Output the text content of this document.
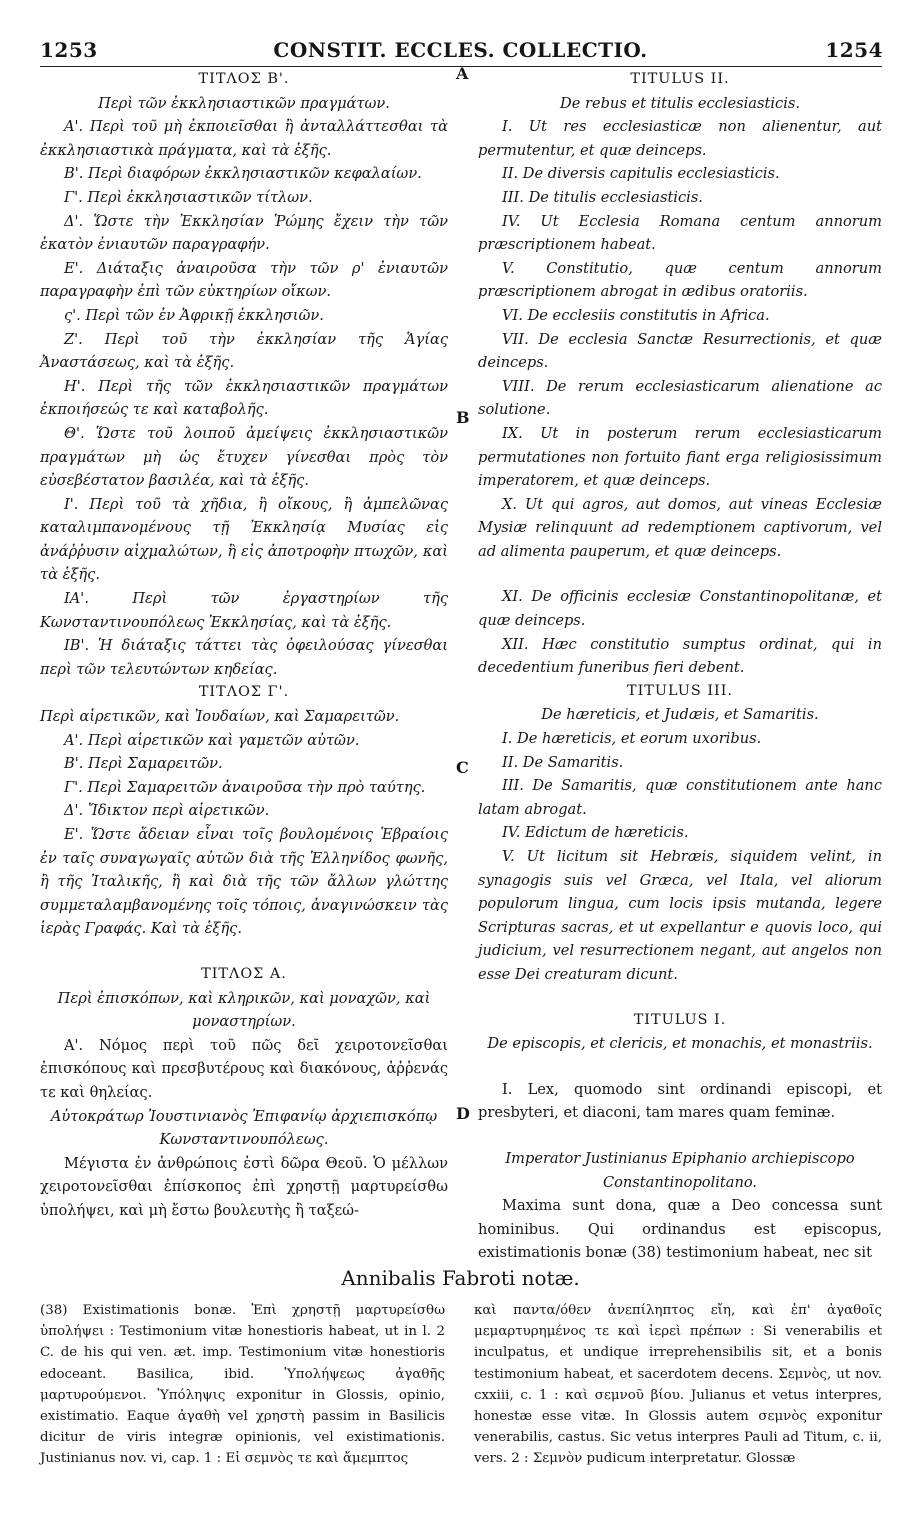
1253	CONSTIT. ECCLES. COLLECTIO.	1254
A
B
C
D

ΤΙΤΛΟΣ Β'.

Περὶ τῶν ἐκκλησιαστικῶν πραγμάτων.

Α'. Περὶ τοῦ μὴ ἐκποιεῖσθαι ἢ ἀνταλλάττεσθαι τὰ ἐκκλησιαστικὰ πράγματα, καὶ τὰ ἑξῆς.

Β'. Περὶ διαφόρων ἐκκλησιαστικῶν κεφαλαίων.

Γ'. Περὶ ἐκκλησιαστικῶν τίτλων.

Δ'. Ὥστε τὴν Ἐκκλησίαν Ῥώμης ἔχειν τὴν τῶν ἑκατὸν ἐνιαυτῶν παραγραφήν.

Ε'. Διάταξις ἀναιροῦσα τὴν τῶν ρ' ἐνιαυτῶν παραγραφὴν ἐπὶ τῶν εὐκτηρίων οἴκων.

ς'. Περὶ τῶν ἐν Ἀφρικῇ ἐκκλησιῶν.

Ζ'. Περὶ τοῦ τὴν ἐκκλησίαν τῆς Ἁγίας Ἀναστάσεως, καὶ τὰ ἑξῆς.

Η'. Περὶ τῆς τῶν ἐκκλησιαστικῶν πραγμάτων ἐκποιήσεώς τε καὶ καταβολῆς.

Θ'. Ὥστε τοῦ λοιποῦ ἀμείψεις ἐκκλησιαστικῶν πραγμάτων μὴ ὡς ἔτυχεν γίνεσθαι πρὸς τὸν εὐσεβέστατον βασιλέα, καὶ τὰ ἑξῆς.

Ι'. Περὶ τοῦ τὰ χῆδια, ἢ οἴκους, ἢ ἀμπελῶνας καταλιμπανομένους τῇ Ἐκκλησίᾳ Μυσίας εἰς ἀνάῤῥυσιν αἰχμαλώτων, ἢ εἰς ἀποτροφὴν πτωχῶν, καὶ τὰ ἑξῆς.

ΙΑ'. Περὶ τῶν ἐργαστηρίων τῆς Κωνσταντινουπόλεως Ἐκκλησίας, καὶ τὰ ἑξῆς.

ΙΒ'. Ἡ διάταξις τάττει τὰς ὀφειλούσας γίνεσθαι περὶ τῶν τελευτώντων κηδείας.

ΤΙΤΛΟΣ Γ'.

Περὶ αἱρετικῶν, καὶ Ἰουδαίων, καὶ Σαμαρειτῶν.

Α'. Περὶ αἱρετικῶν καὶ γαμετῶν αὐτῶν.

Β'. Περὶ Σαμαρειτῶν.

Γ'. Περὶ Σαμαρειτῶν ἀναιροῦσα τὴν πρὸ ταύτης.

Δ'. Ἴδικτον περὶ αἱρετικῶν.

Ε'. Ὥστε ἄδειαν εἶναι τοῖς βουλομένοις Ἑβραίοις ἐν ταῖς συναγωγαῖς αὐτῶν διὰ τῆς Ἑλληνίδος φωνῆς, ἢ τῆς Ἰταλικῆς, ἢ καὶ διὰ τῆς τῶν ἄλλων γλώττης συμμεταλαμβανομένης τοῖς τόποις, ἀναγινώσκειν τὰς ἱερὰς Γραφάς. Καὶ τὰ ἑξῆς.

ΤΙΤΛΟΣ Α.

Περὶ ἐπισκόπων, καὶ κληρικῶν, καὶ μοναχῶν, καὶ μοναστηρίων.

Α'. Νόμος περὶ τοῦ πῶς δεῖ χειροτονεῖσθαι ἐπισκόπους καὶ πρεσβυτέρους καὶ διακόνους, ἀῤῥενάς τε καὶ θηλείας.

Αὐτοκράτωρ Ἰουστινιανὸς Ἐπιφανίῳ ἀρχιεπισκόπῳ Κωνσταντινουπόλεως.

Μέγιστα ἐν ἀνθρώποις ἐστὶ δῶρα Θεοῦ. Ὁ μέλλων χειροτονεῖσθαι ἐπίσκοπος ἐπὶ χρηστῇ μαρτυρείσθω ὑπολήψει, καὶ μὴ ἔστω βουλευτὴς ἢ ταξεώ-

TITULUS II.

De rebus et titulis ecclesiasticis.

I. Ut res ecclesiasticæ non alienentur, aut permutentur, et quæ deinceps.

II. De diversis capitulis ecclesiasticis.

III. De titulis ecclesiasticis.

IV. Ut Ecclesia Romana centum annorum præscriptionem habeat.

V. Constitutio, quæ centum annorum præscriptionem abrogat in ædibus oratoriis.

VI. De ecclesiis constitutis in Africa.

VII. De ecclesia Sanctæ Resurrectionis, et quæ deinceps.

VIII. De rerum ecclesiasticarum alienatione ac solutione.

IX. Ut in posterum rerum ecclesiasticarum permutationes non fortuito fiant erga religiosissimum imperatorem, et quæ deinceps.

X. Ut qui agros, aut domos, aut vineas Ecclesiæ Mysiæ relinquunt ad redemptionem captivorum, vel ad alimenta pauperum, et quæ deinceps.

XI. De officinis ecclesiæ Constantinopolitanæ, et quæ deinceps.

XII. Hæc constitutio sumptus ordinat, qui in decedentium funeribus fieri debent.

TITULUS III.

De hæreticis, et Judæis, et Samaritis.

I. De hæreticis, et eorum uxoribus.

II. De Samaritis.

III. De Samaritis, quæ constitutionem ante hanc latam abrogat.

IV. Edictum de hæreticis.

V. Ut licitum sit Hebræis, siquidem velint, in synagogis suis vel Græca, vel Itala, vel aliorum populorum lingua, cum locis ipsis mutanda, legere Scripturas sacras, et ut expellantur e quovis loco, qui judicium, vel resurrectionem negant, aut angelos non esse Dei creaturam dicunt.

TITULUS I.

De episcopis, et clericis, et monachis, et monastriis.

I. Lex, quomodo sint ordinandi episcopi, et presbyteri, et diaconi, tam mares quam feminæ.

Imperator Justinianus Epiphanio archiepiscopo Constantinopolitano.

Maxima sunt dona, quæ a Deo concessa sunt hominibus. Qui ordinandus est episcopus, existimationis bonæ (38) testimonium habeat, nec sit

Annibalis Fabroti notæ.

(38) Existimationis bonæ. Ἐπὶ χρηστῇ μαρτυρείσθω ὑπολήψει : Testimonium vitæ honestioris habeat, ut in l. 2 C. de his qui ven. æt. imp. Testimonium vitæ honestioris edoceant. Basilica, ibid. Ὑπολήψεως ἀγαθῆς μαρτυρούμενοι. Ὑπόληψις exponitur in Glossis, opinio, existimatio. Eaque ἀγαθὴ vel χρηστὴ passim in Basilicis dicitur de viris integræ opinionis, vel existimationis. Justinianus nov. vi, cap. 1 : Εἰ σεμνὸς τε καὶ ἄμεμπτος

καὶ παντα/όθεν ἀνεπίληπτος εἴη, καὶ ἐπ' ἀγαθοῖς μεμαρτυρημένος τε καὶ ἱερεὶ πρέπων : Si venerabilis et inculpatus, et undique irreprehensibilis sit, et a bonis testimonium habeat, et sacerdotem decens. Σεμνὸς, ut nov. cxxiii, c. 1 : καὶ σεμνοῦ βίου. Julianus et vetus interpres, honestæ esse vitæ. In Glossis autem σεμνὸς exponitur venerabilis, castus. Sic vetus interpres Pauli ad Titum, c. ii, vers. 2 : Σεμνὸν pudicum interpretatur. Glossæ
